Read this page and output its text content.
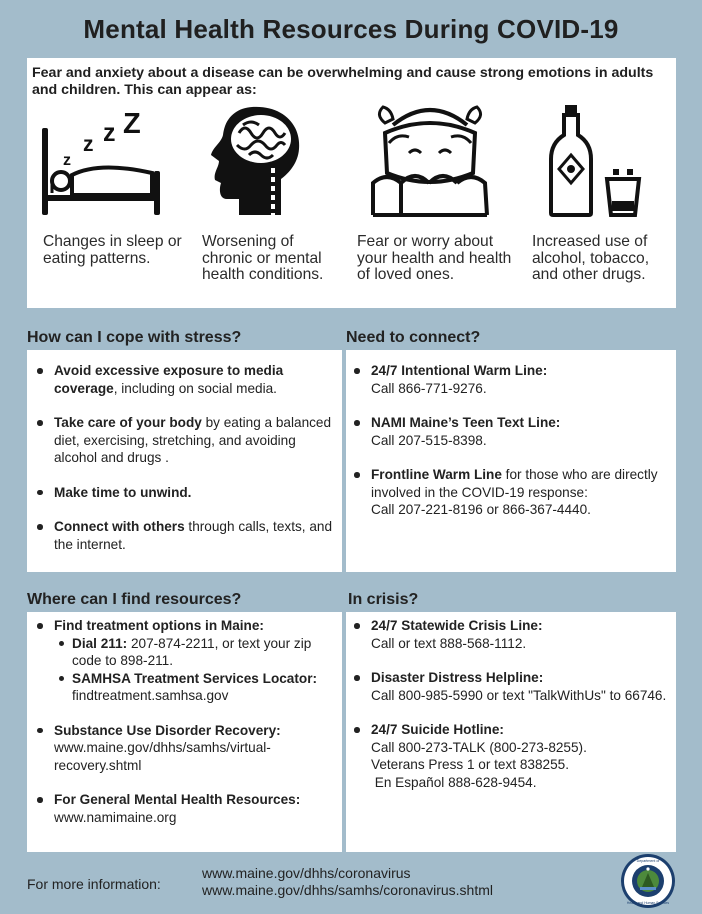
Mental Health Resources During COVID-19
Fear and anxiety about a disease can be overwhelming and cause strong emotions in adults and children. This can appear as:
z
z z Z
Changes in sleep or eating patterns.
Worsening of chronic or mental health conditions.
Fear or worry about your health and health of loved ones.
Increased use of alcohol, tobacco, and other drugs.
How can I cope with stress?
Avoid excessive exposure to media coverage, including on social media.
Take care of your body by eating a balanced diet, exercising, stretching, and avoiding alcohol and drugs .
Make time to unwind.
Connect with others through calls, texts, and the internet.
Need to connect?
24/7 Intentional Warm Line:
Call 866-771-9276.
NAMI Maine’s Teen Text Line:
Call 207-515-8398.
Frontline Warm Line for those who are directly involved in the COVID-19 response:
Call 207-221-8196 or 866-367-4440.
Where can I find resources?
Find treatment options in Maine:
Dial 211: 207-874-2211, or text your zip code to 898-211.
SAMHSA Treatment Services Locator: findtreatment.samhsa.gov
Substance Use Disorder Recovery:
www.maine.gov/dhhs/samhs/virtual-recovery.shtml
For General Mental Health Resources:
www.namimaine.org
In crisis?
24/7 Statewide Crisis Line:
Call or text 888-568-1112.
Disaster Distress Helpline:
Call 800-985-5990 or text "TalkWithUs" to 66746.
24/7 Suicide Hotline:
Call 800-273-TALK (800-273-8255).
Veterans Press 1 or text 838255.
En Español 888-628-9454.
For more information:
www.maine.gov/dhhs/coronavirus
www.maine.gov/dhhs/samhs/coronavirus.shtml
Department of
Health and Human Services
